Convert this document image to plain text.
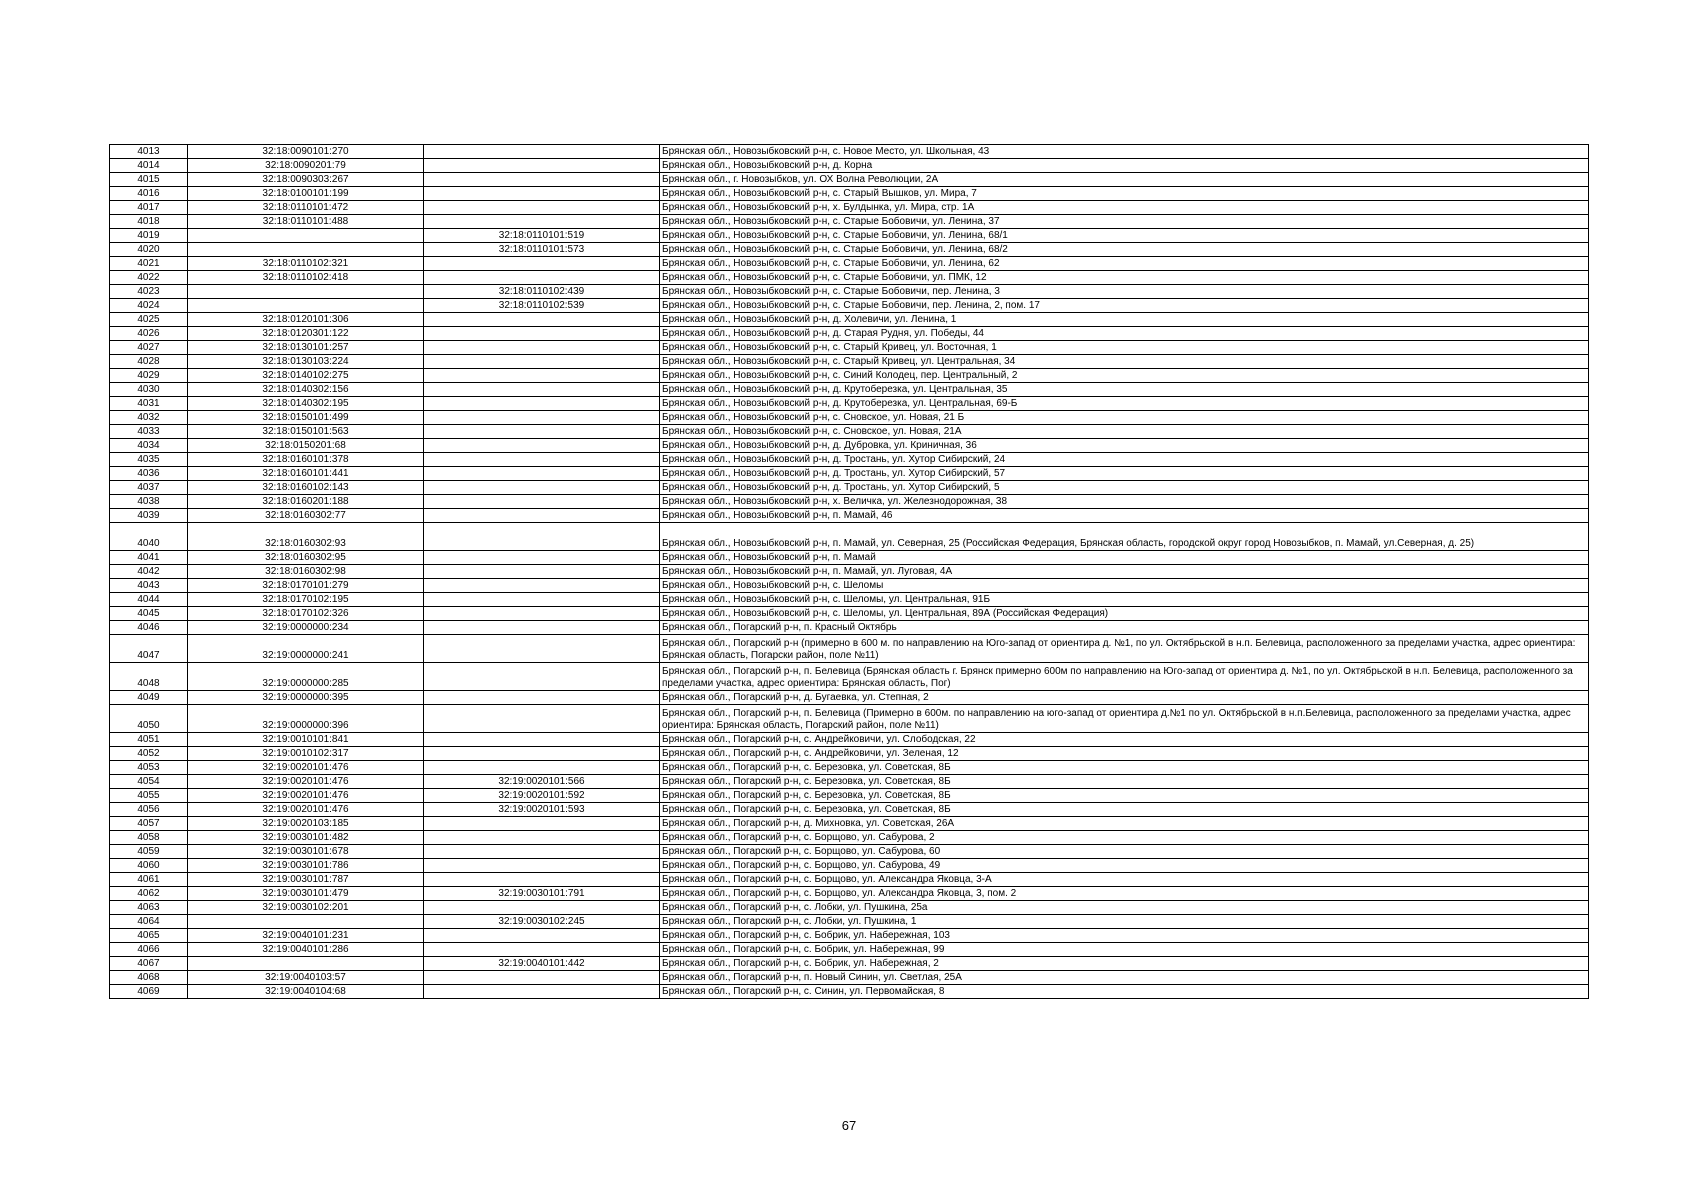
4013	32:18:0090101:270		Брянская обл., Новозыбковский р-н, с. Новое Место, ул. Школьная, 43
4014	32:18:0090201:79		Брянская обл., Новозыбковский р-н, д. Корна
4015	32:18:0090303:267		Брянская обл., г. Новозыбков, ул. ОХ Волна Революции, 2А
4016	32:18:0100101:199		Брянская обл., Новозыбковский р-н, с. Старый Вышков, ул. Мира, 7
4017	32:18:0110101:472		Брянская обл., Новозыбковский р-н, х. Булдынка, ул. Мира, стр. 1А
4018	32:18:0110101:488		Брянская обл., Новозыбковский р-н, с. Старые Бобовичи, ул. Ленина, 37
4019		32:18:0110101:519	Брянская обл., Новозыбковский р-н, с. Старые Бобовичи, ул. Ленина, 68/1
4020		32:18:0110101:573	Брянская обл., Новозыбковский р-н, с. Старые Бобовичи, ул. Ленина, 68/2
4021	32:18:0110102:321		Брянская обл., Новозыбковский р-н, с. Старые Бобовичи, ул. Ленина, 62
4022	32:18:0110102:418		Брянская обл., Новозыбковский р-н, с. Старые Бобовичи, ул. ПМК, 12
4023		32:18:0110102:439	Брянская обл., Новозыбковский р-н, с. Старые Бобовичи, пер. Ленина, 3
4024		32:18:0110102:539	Брянская обл., Новозыбковский р-н, с. Старые Бобовичи, пер. Ленина, 2, пом. 17
4025	32:18:0120101:306		Брянская обл., Новозыбковский р-н, д. Холевичи, ул. Ленина, 1
4026	32:18:0120301:122		Брянская обл., Новозыбковский р-н, д. Старая Рудня, ул. Победы, 44
4027	32:18:0130101:257		Брянская обл., Новозыбковский р-н, с. Старый Кривец, ул. Восточная, 1
4028	32:18:0130103:224		Брянская обл., Новозыбковский р-н, с. Старый Кривец, ул. Центральная, 34
4029	32:18:0140102:275		Брянская обл., Новозыбковский р-н, с. Синий Колодец, пер. Центральный, 2
4030	32:18:0140302:156		Брянская обл., Новозыбковский р-н, д. Крутоберезка, ул. Центральная, 35
4031	32:18:0140302:195		Брянская обл., Новозыбковский р-н, д. Крутоберезка, ул. Центральная, 69-Б
4032	32:18:0150101:499		Брянская обл., Новозыбковский р-н, с. Сновское, ул. Новая, 21 Б
4033	32:18:0150101:563		Брянская обл., Новозыбковский р-н, с. Сновское, ул. Новая, 21А
4034	32:18:0150201:68		Брянская обл., Новозыбковский р-н, д. Дубровка, ул. Криничная, 36
4035	32:18:0160101:378		Брянская обл., Новозыбковский р-н, д. Тростань, ул. Хутор Сибирский, 24
4036	32:18:0160101:441		Брянская обл., Новозыбковский р-н, д. Тростань, ул. Хутор Сибирский, 57
4037	32:18:0160102:143		Брянская обл., Новозыбковский р-н, д. Тростань, ул. Хутор Сибирский, 5
4038	32:18:0160201:188		Брянская обл., Новозыбковский р-н, х. Величка, ул. Железнодорожная, 38
4039	32:18:0160302:77		Брянская обл., Новозыбковский р-н, п. Мамай, 46
4040	32:18:0160302:93		Брянская обл., Новозыбковский р-н, п. Мамай, ул. Северная, 25 (Российская Федерация, Брянская область, городской округ город Новозыбков, п. Мамай, ул.Северная, д. 25)
4041	32:18:0160302:95		Брянская обл., Новозыбковский р-н, п. Мамай
4042	32:18:0160302:98		Брянская обл., Новозыбковский р-н, п. Мамай, ул. Луговая, 4А
4043	32:18:0170101:279		Брянская обл., Новозыбковский р-н, с. Шеломы
4044	32:18:0170102:195		Брянская обл., Новозыбковский р-н, с. Шеломы, ул. Центральная, 91Б
4045	32:18:0170102:326		Брянская обл., Новозыбковский р-н, с. Шеломы, ул. Центральная, 89А (Российская Федерация)
4046	32:19:0000000:234		Брянская обл., Погарский р-н, п. Красный Октябрь
4047	32:19:0000000:241		Брянская обл., Погарский р-н (примерно в 600 м. по направлению на Юго-запад от ориентира д. №1, по ул. Октябрьской в н.п. Белевица, расположенного за пределами участка, адрес ориентира: Брянская область, Погарски район, поле №11)
4048	32:19:0000000:285		Брянская обл., Погарский р-н, п. Белевица (Брянская область г. Брянск примерно 600м по направлению на Юго-запад от ориентира д. №1, по ул. Октябрьской в н.п. Белевица, расположенного за пределами участка, адрес ориентира: Брянская область, Пог)
4049	32:19:0000000:395		Брянская обл., Погарский р-н, д. Бугаевка, ул. Степная, 2
4050	32:19:0000000:396		Брянская обл., Погарский р-н, п. Белевица (Примерно в 600м. по направлению на юго-запад от ориентира д.№1 по ул. Октябрьской в н.п.Белевица, расположенного за пределами участка, адрес ориентира: Брянская область, Погарский район, поле №11)
4051	32:19:0010101:841		Брянская обл., Погарский р-н, с. Андрейковичи, ул. Слободская, 22
4052	32:19:0010102:317		Брянская обл., Погарский р-н, с. Андрейковичи, ул. Зеленая, 12
4053	32:19:0020101:476		Брянская обл., Погарский р-н, с. Березовка, ул. Советская, 8Б
4054	32:19:0020101:476	32:19:0020101:566	Брянская обл., Погарский р-н, с. Березовка, ул. Советская, 8Б
4055	32:19:0020101:476	32:19:0020101:592	Брянская обл., Погарский р-н, с. Березовка, ул. Советская, 8Б
4056	32:19:0020101:476	32:19:0020101:593	Брянская обл., Погарский р-н, с. Березовка, ул. Советская, 8Б
4057	32:19:0020103:185		Брянская обл., Погарский р-н, д. Михновка, ул. Советская, 26А
4058	32:19:0030101:482		Брянская обл., Погарский р-н, с. Борщово, ул. Сабурова, 2
4059	32:19:0030101:678		Брянская обл., Погарский р-н, с. Борщово, ул. Сабурова, 60
4060	32:19:0030101:786		Брянская обл., Погарский р-н, с. Борщово, ул. Сабурова, 49
4061	32:19:0030101:787		Брянская обл., Погарский р-н, с. Борщово, ул. Александра Яковца, 3-А
4062	32:19:0030101:479	32:19:0030101:791	Брянская обл., Погарский р-н, с. Борщово, ул. Александра Яковца, 3, пом. 2
4063	32:19:0030102:201		Брянская обл., Погарский р-н, с. Лобки, ул. Пушкина, 25а
4064		32:19:0030102:245	Брянская обл., Погарский р-н, с. Лобки, ул. Пушкина, 1
4065	32:19:0040101:231		Брянская обл., Погарский р-н, с. Бобрик, ул. Набережная, 103
4066	32:19:0040101:286		Брянская обл., Погарский р-н, с. Бобрик, ул. Набережная, 99
4067		32:19:0040101:442	Брянская обл., Погарский р-н, с. Бобрик, ул. Набережная, 2
4068	32:19:0040103:57		Брянская обл., Погарский р-н, п. Новый Синин, ул. Светлая, 25А
4069	32:19:0040104:68		Брянская обл., Погарский р-н, с. Синин, ул. Первомайская, 8
67
